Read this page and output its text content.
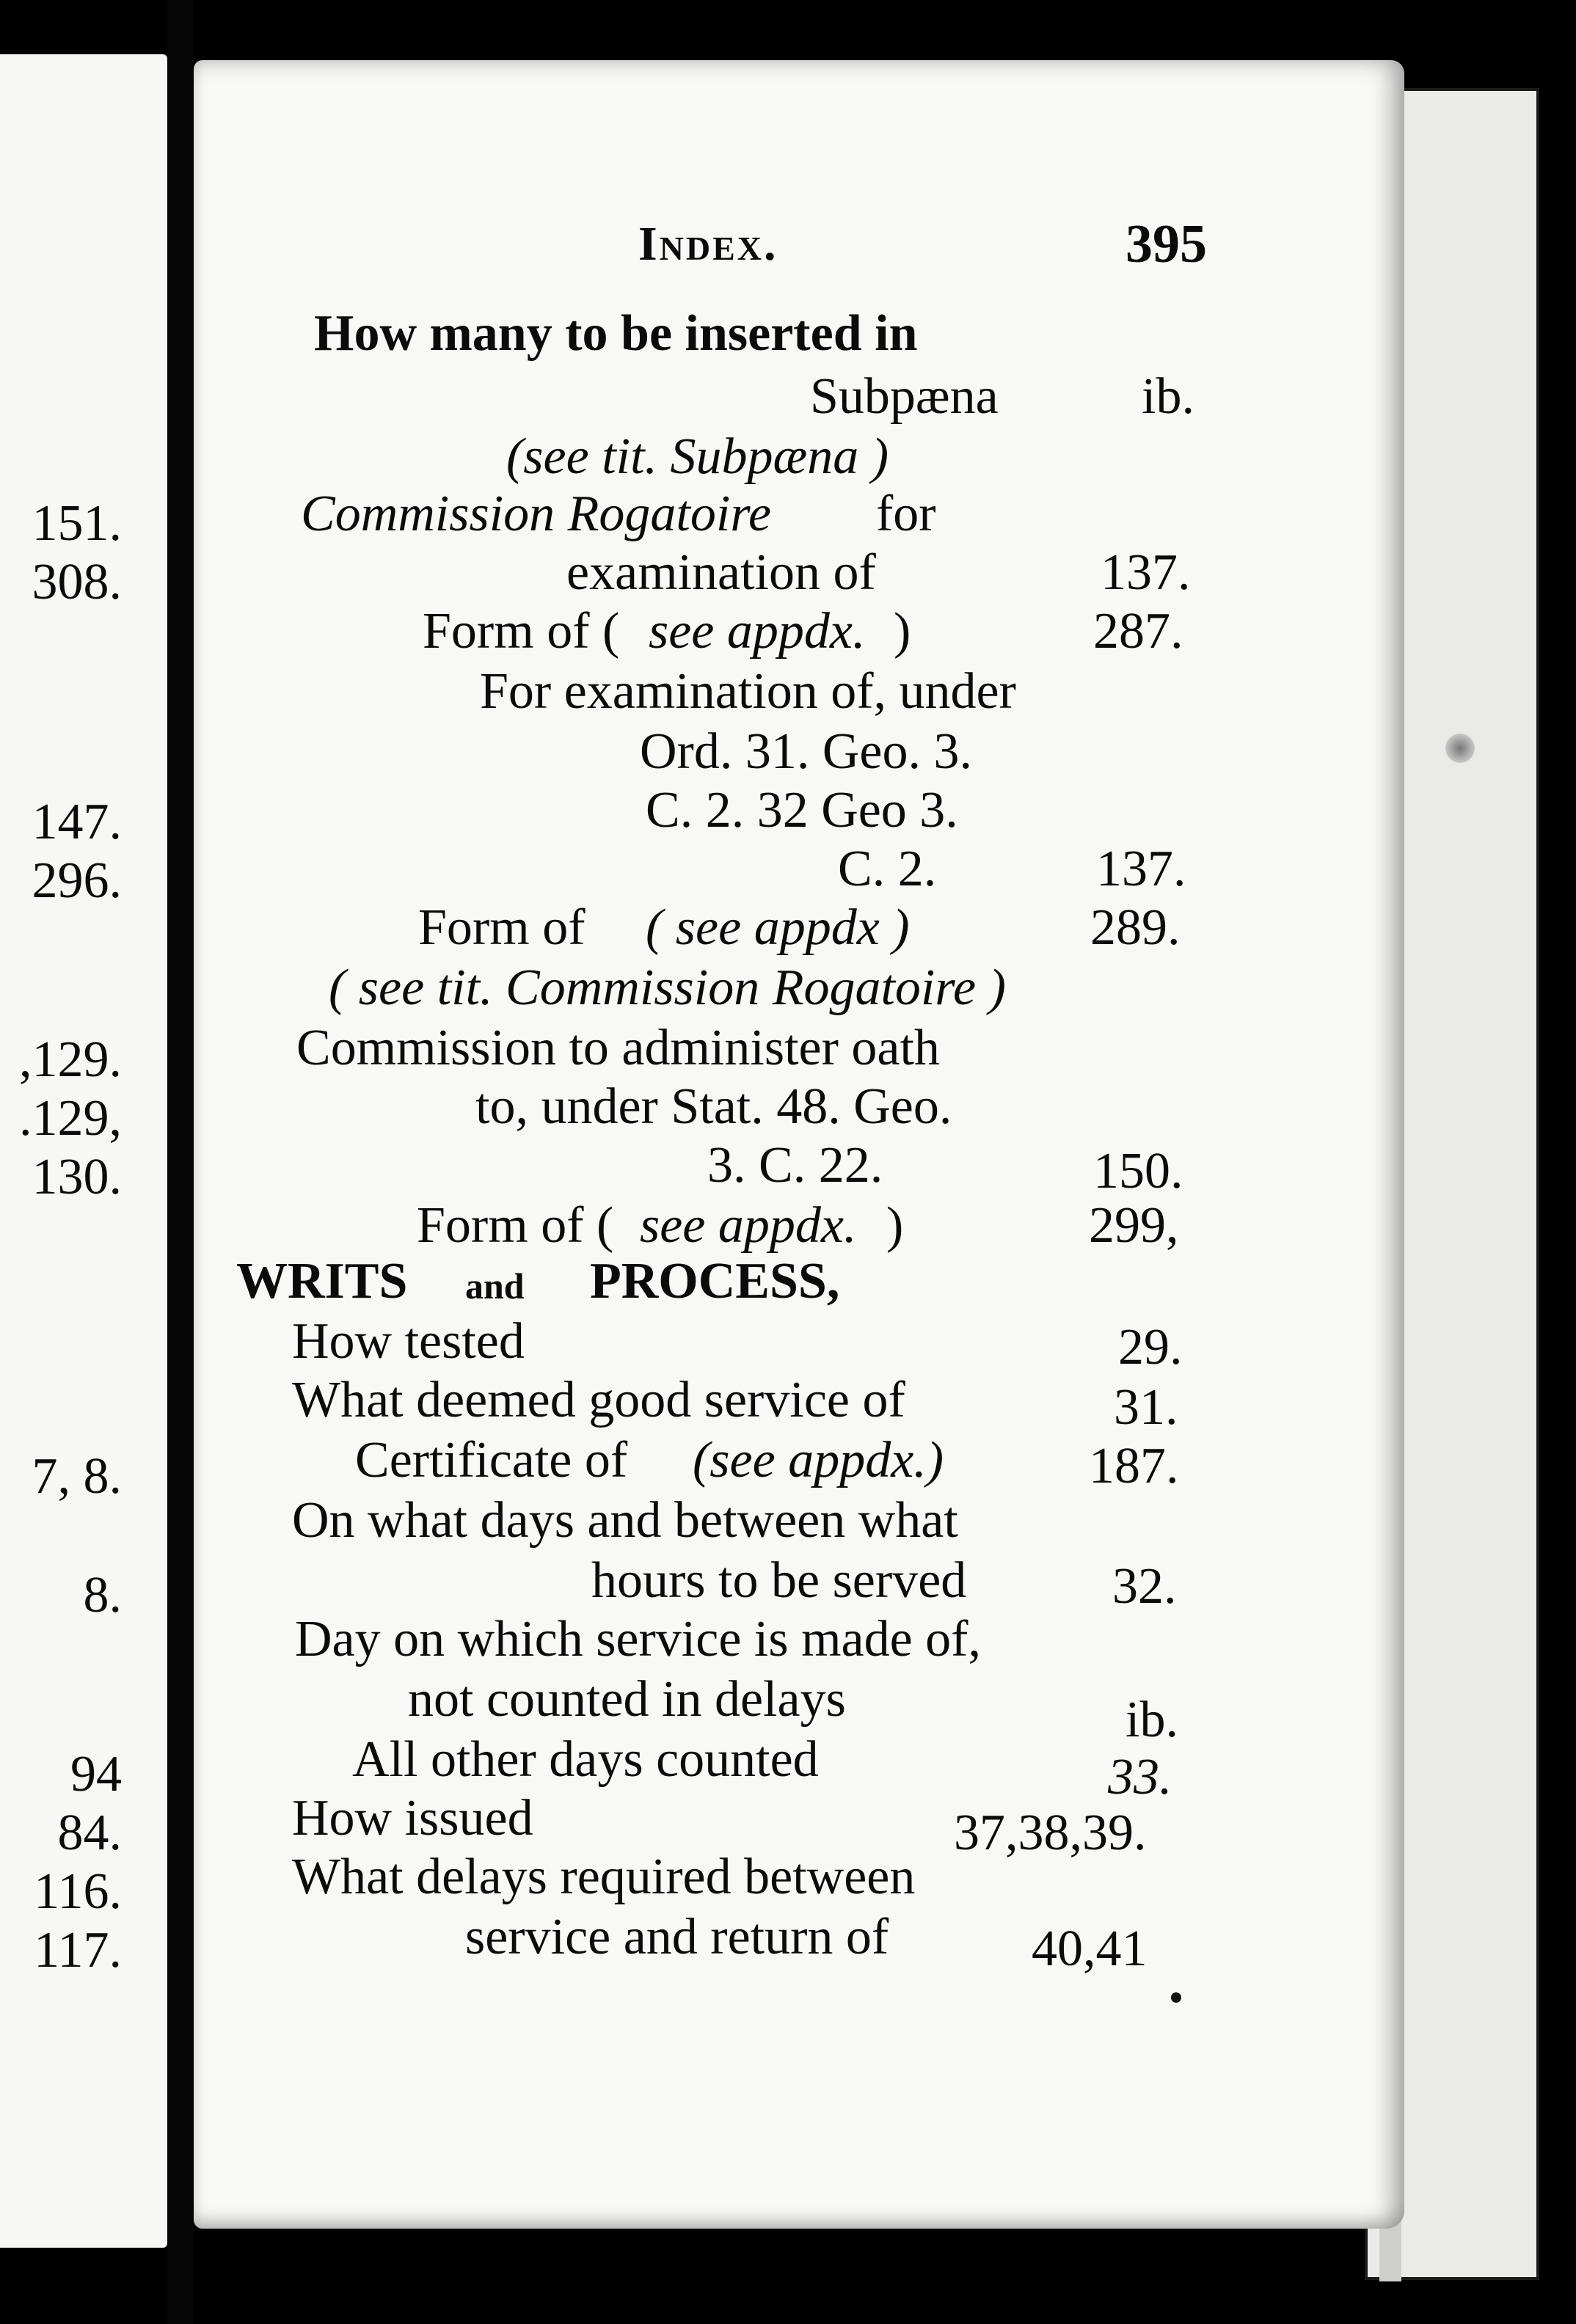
151.
308.
147.
296.
,129.
.129,
130.
7, 8.
8.
94
84.
116.
117.
Index.	395
How many to be inserted in
Subpæna	ib.
(see tit. Subpæna )
Commission Rogatoire for
examination of	137.
Form of ( see appdx. )	287.
For examination of, under
Ord. 31. Geo. 3.
C. 2. 32 Geo 3.
C. 2.	137.
Form of ( see appdx )	289.
( see tit. Commission Rogatoire )
Commission to administer oath
to, under Stat. 48. Geo.
3. C. 22.	150.
Form of ( see appdx. )	299,
WRITS and PROCESS,
How tested	29.
What deemed good service of	31.
Certificate of (see appdx.)	187.
On what days and between what
hours to be served	32.
Day on which service is made of,
not counted in delays	ib.
All other days counted	33.
How issued	37,38,39.
What delays required between
service and return of	40,41
